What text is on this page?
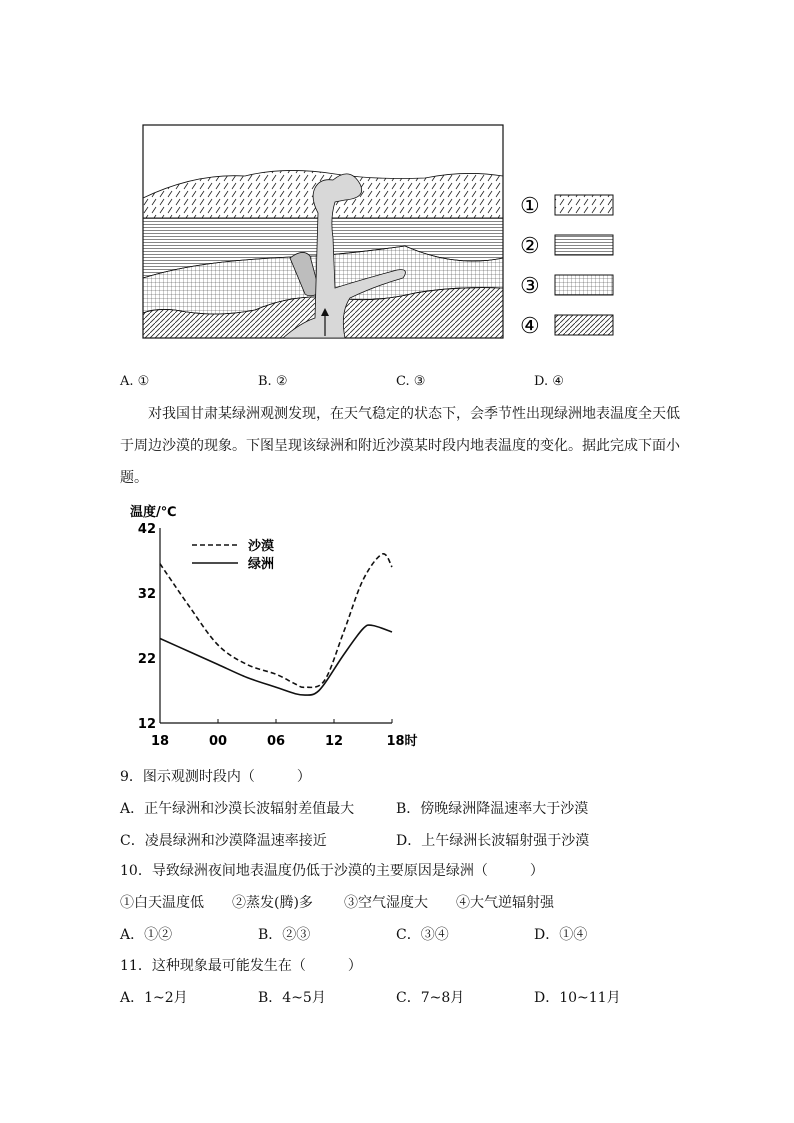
①
②
③
④
A. ①	B. ②	C. ③	D. ④

对我国甘肃某绿洲观测发现，在天气稳定的状态下，会季节性出现绿洲地表温度全天低于周边沙漠的现象。下图呈现该绿洲和附近沙漠某时段内地表温度的变化。据此完成下面小题。

温度/℃
42
32
22
12
18	00	06	12	18时
沙漠
绿洲
9．图示观测时段内（　　　）
A．正午绿洲和沙漠长波辐射差值最大	B．傍晚绿洲降温速率大于沙漠
C．凌晨绿洲和沙漠降温速率接近	D．上午绿洲长波辐射强于沙漠
10．导致绿洲夜间地表温度仍低于沙漠的主要原因是绿洲（　　　）
①白天温度低 ②蒸发(腾)多 ③空气湿度大 ④大气逆辐射强
A．①②	B．②③	C．③④	D．①④
11．这种现象最可能发生在（　　　）
A．1~2月	B．4~5月	C．7~8月	D．10~11月
